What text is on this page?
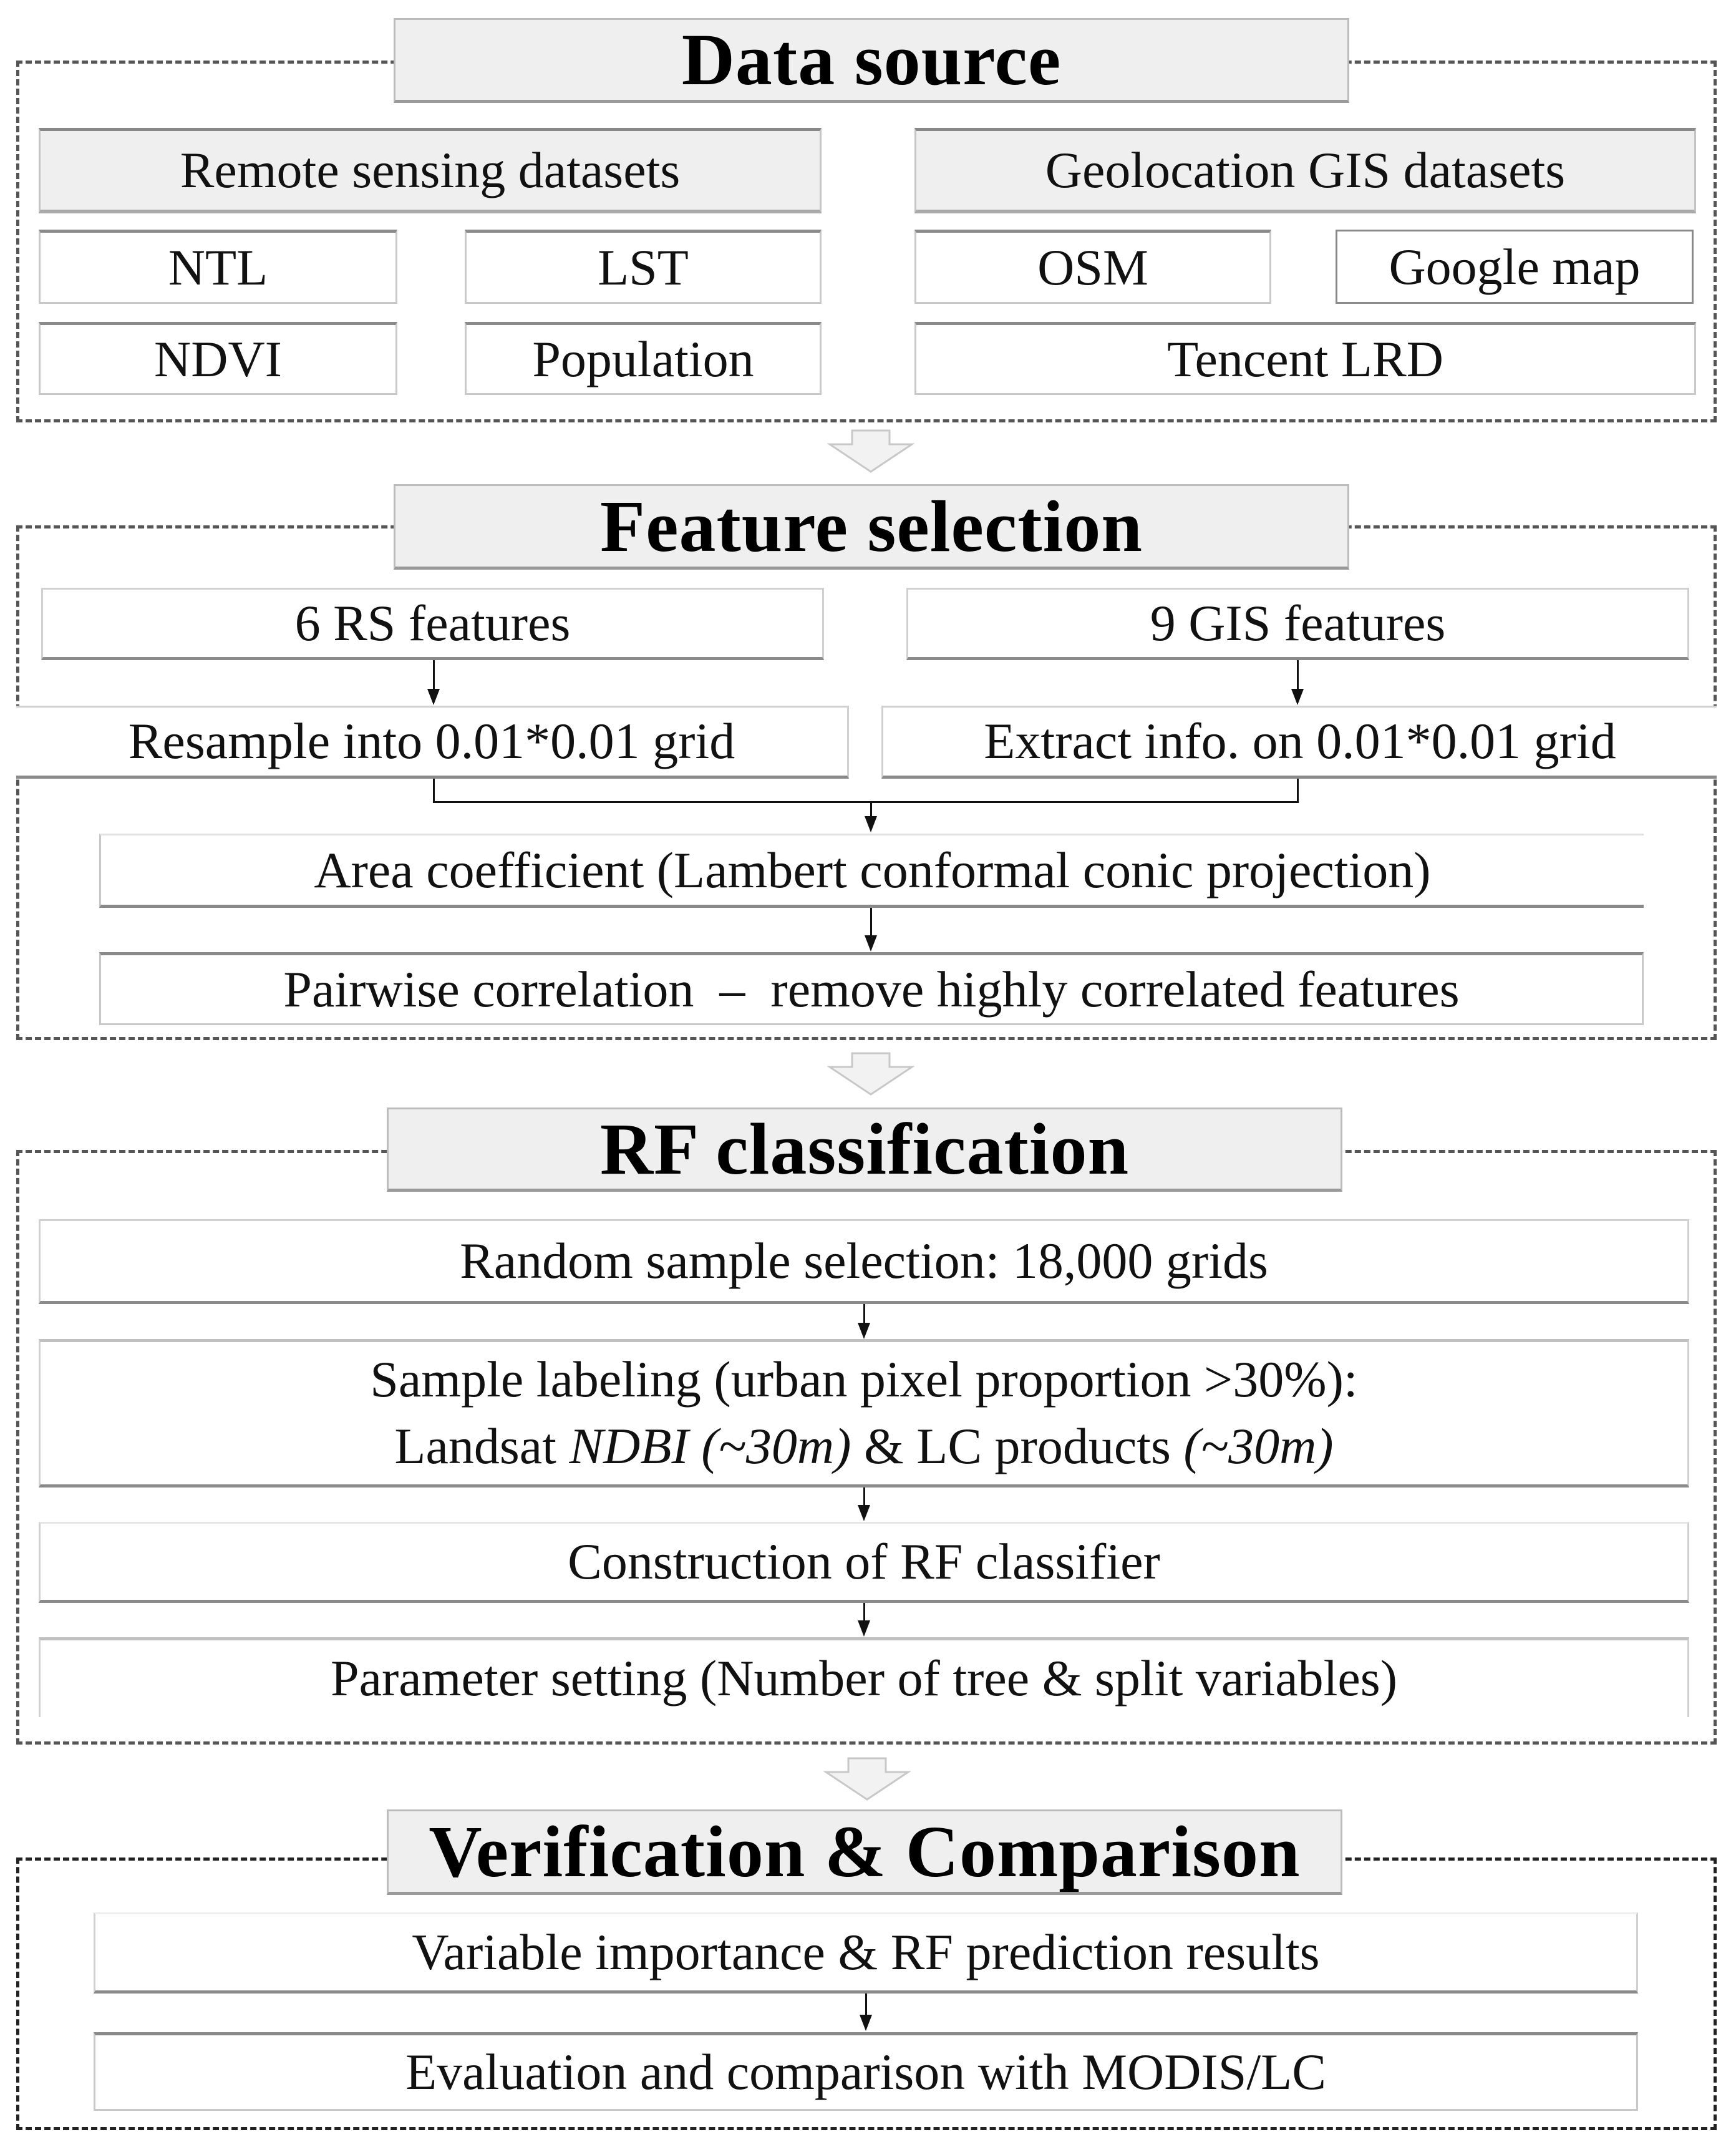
Data source
Remote sensing datasets	Geolocation GIS datasets
NTL	LST
NDVI	Population
OSM	Google map
Tencent LRD
Feature selection
6 RS features	9 GIS features
Resample into 0.01*0.01 grid	Extract info. on 0.01*0.01 grid
Area coefficient (Lambert conformal conic projection)
Pairwise correlation  –  remove highly correlated features
RF classification
Random sample selection: 18,000 grids
Sample labeling (urban pixel proportion >30%):
Landsat NDBI (~30m) & LC products (~30m)
Construction of RF classifier
Parameter setting (Number of tree & split variables)
Verification & Comparison
Variable importance & RF prediction results
Evaluation and comparison with MODIS/LC
